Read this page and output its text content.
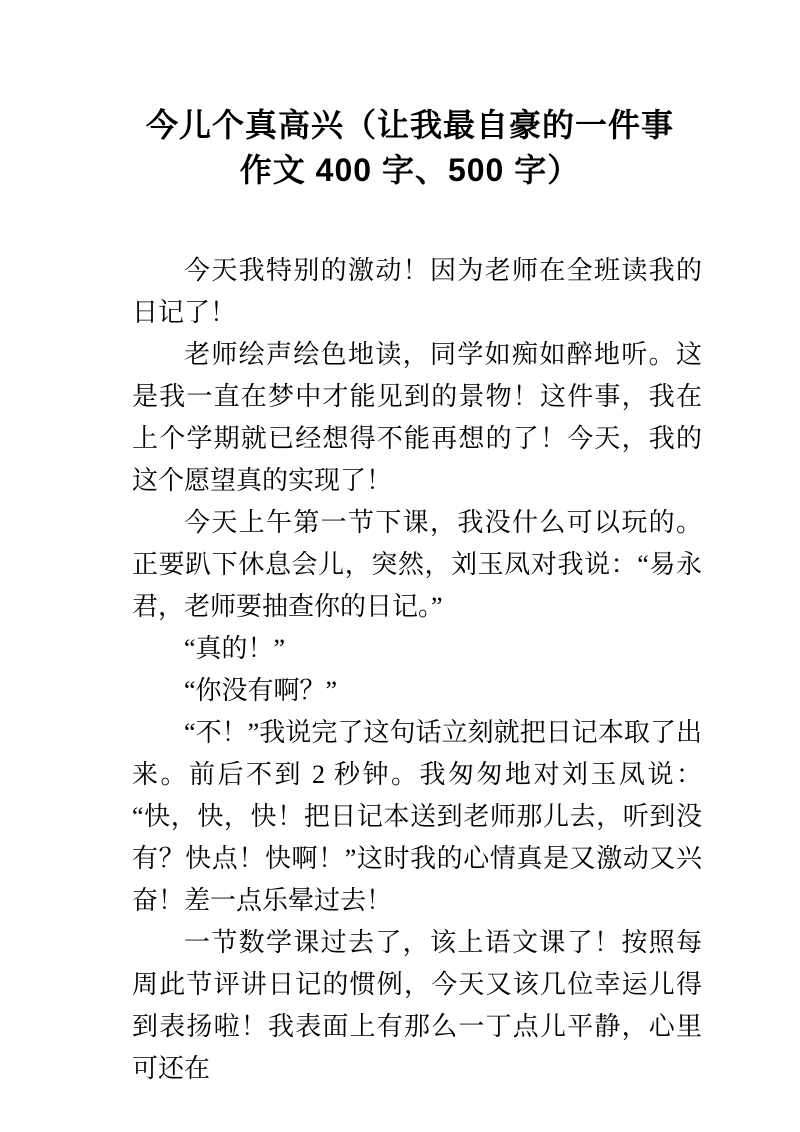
今儿个真高兴（让我最自豪的一件事
作文 400 字、500 字）

今天我特别的激动！因为老师在全班读我的日记了！

老师绘声绘色地读，同学如痴如醉地听。这是我一直在梦中才能见到的景物！这件事，我在上个学期就已经想得不能再想的了！今天，我的这个愿望真的实现了！

今天上午第一节下课，我没什么可以玩的。正要趴下休息会儿，突然，刘玉凤对我说：“易永君，老师要抽查你的日记。”

“真的！”

“你没有啊？”

“不！”我说完了这句话立刻就把日记本取了出来。前后不到 2 秒钟。我匆匆地对刘玉凤说：“快，快，快！把日记本送到老师那儿去，听到没有？快点！快啊！”这时我的心情真是又激动又兴奋！差一点乐晕过去！

一节数学课过去了，该上语文课了！按照每周此节评讲日记的惯例，今天又该几位幸运儿得到表扬啦！我表面上有那么一丁点儿平静，心里可还在
